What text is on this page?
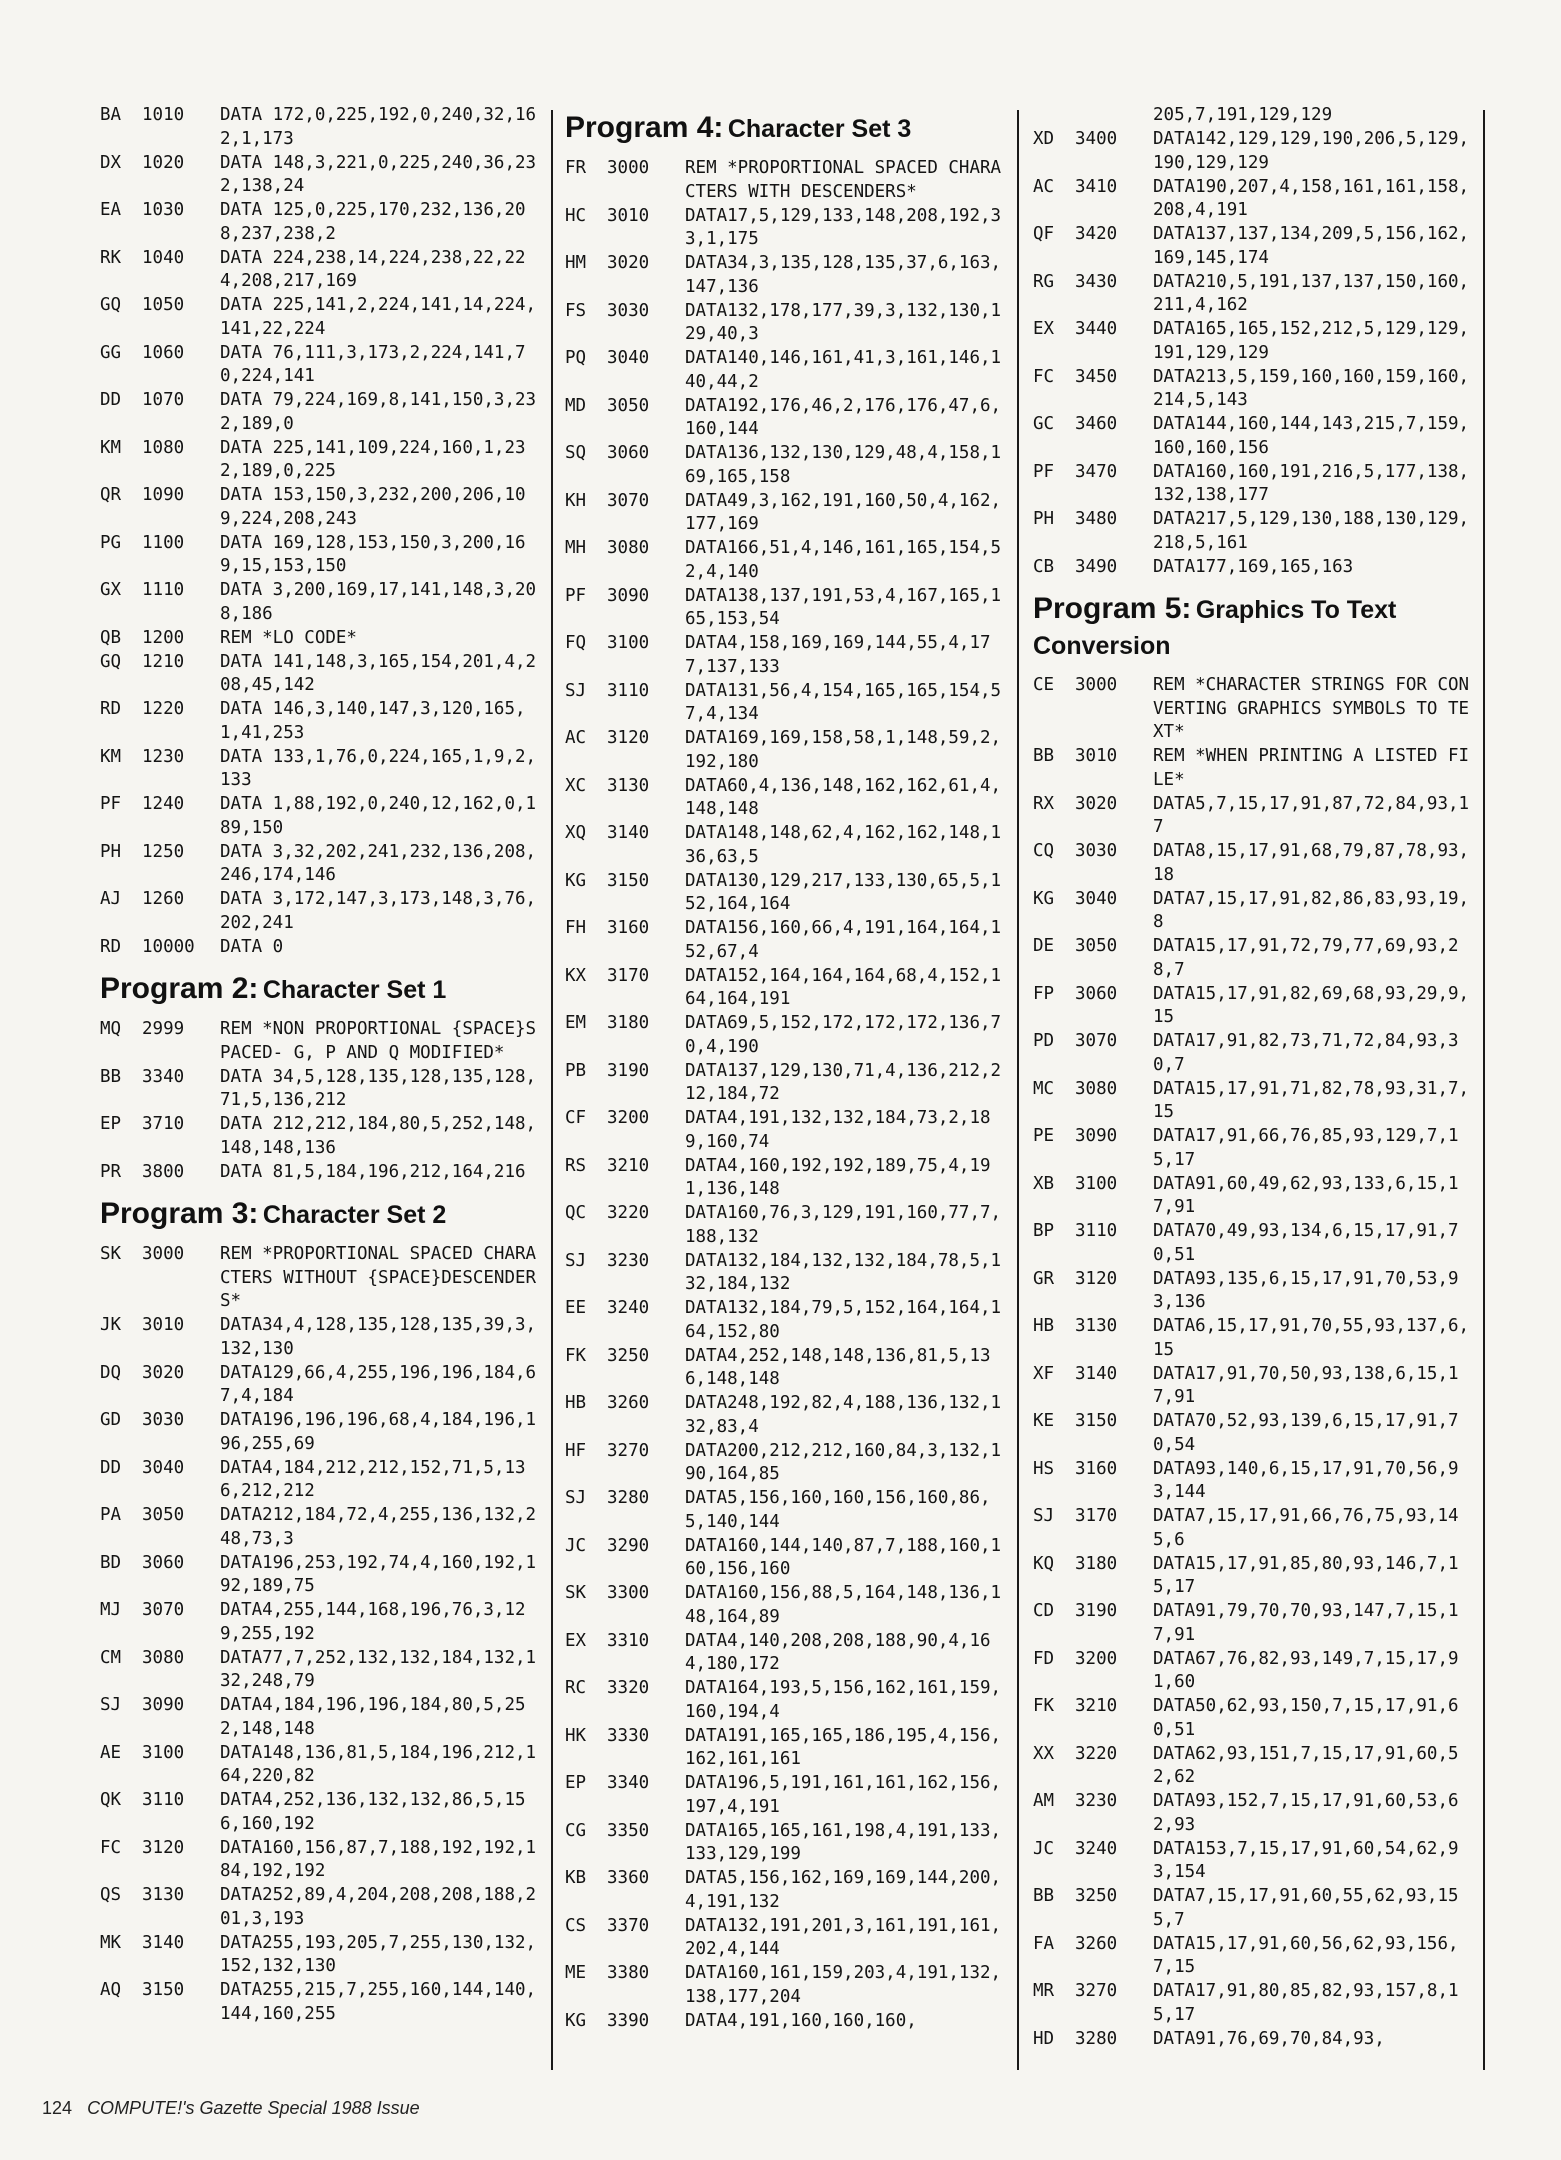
BA	1010	DATA 172,0,225,192,0,240,32,162,1,173
DX	1020	DATA 148,3,221,0,225,240,36,232,138,24
EA	1030	DATA 125,0,225,170,232,136,208,237,238,2
RK	1040	DATA 224,238,14,224,238,22,224,208,217,169
GQ	1050	DATA 225,141,2,224,141,14,224,141,22,224
GG	1060	DATA 76,111,3,173,2,224,141,70,224,141
DD	1070	DATA 79,224,169,8,141,150,3,232,189,0
KM	1080	DATA 225,141,109,224,160,1,232,189,0,225
QR	1090	DATA 153,150,3,232,200,206,109,224,208,243
PG	1100	DATA 169,128,153,150,3,200,169,15,153,150
GX	1110	DATA 3,200,169,17,141,148,3,208,186
QB	1200	REM *LO CODE*
GQ	1210	DATA 141,148,3,165,154,201,4,208,45,142
RD	1220	DATA 146,3,140,147,3,120,165,1,41,253
KM	1230	DATA 133,1,76,0,224,165,1,9,2,133
PF	1240	DATA 1,88,192,0,240,12,162,0,189,150
PH	1250	DATA 3,32,202,241,232,136,208,246,174,146
AJ	1260	DATA 3,172,147,3,173,148,3,76,202,241
RD	10000	DATA 0
Program 2: Character Set 1
MQ	2999	REM *NON PROPORTIONAL {SPACE}SPACED- G, P AND Q MODIFIED*
BB	3340	DATA 34,5,128,135,128,135,128,71,5,136,212
EP	3710	DATA 212,212,184,80,5,252,148,148,148,136
PR	3800	DATA 81,5,184,196,212,164,216
Program 3: Character Set 2
SK	3000	REM *PROPORTIONAL SPACED CHARACTERS WITHOUT {SPACE}DESCENDERS*
JK	3010	DATA34,4,128,135,128,135,39,3,132,130
DQ	3020	DATA129,66,4,255,196,196,184,67,4,184
GD	3030	DATA196,196,196,68,4,184,196,196,255,69
DD	3040	DATA4,184,212,212,152,71,5,136,212,212
PA	3050	DATA212,184,72,4,255,136,132,248,73,3
BD	3060	DATA196,253,192,74,4,160,192,192,189,75
MJ	3070	DATA4,255,144,168,196,76,3,129,255,192
CM	3080	DATA77,7,252,132,132,184,132,132,248,79
SJ	3090	DATA4,184,196,196,184,80,5,252,148,148
AE	3100	DATA148,136,81,5,184,196,212,164,220,82
QK	3110	DATA4,252,136,132,132,86,5,156,160,192
FC	3120	DATA160,156,87,7,188,192,192,184,192,192
QS	3130	DATA252,89,4,204,208,208,188,201,3,193
MK	3140	DATA255,193,205,7,255,130,132,152,132,130
AQ	3150	DATA255,215,7,255,160,144,140,144,160,255
Program 4: Character Set 3
FR	3000	REM *PROPORTIONAL SPACED CHARACTERS WITH DESCENDERS*
HC	3010	DATA17,5,129,133,148,208,192,33,1,175
HM	3020	DATA34,3,135,128,135,37,6,163,147,136
FS	3030	DATA132,178,177,39,3,132,130,129,40,3
PQ	3040	DATA140,146,161,41,3,161,146,140,44,2
MD	3050	DATA192,176,46,2,176,176,47,6,160,144
SQ	3060	DATA136,132,130,129,48,4,158,169,165,158
KH	3070	DATA49,3,162,191,160,50,4,162,177,169
MH	3080	DATA166,51,4,146,161,165,154,52,4,140
PF	3090	DATA138,137,191,53,4,167,165,165,153,54
FQ	3100	DATA4,158,169,169,144,55,4,177,137,133
SJ	3110	DATA131,56,4,154,165,165,154,57,4,134
AC	3120	DATA169,169,158,58,1,148,59,2,192,180
XC	3130	DATA60,4,136,148,162,162,61,4,148,148
XQ	3140	DATA148,148,62,4,162,162,148,136,63,5
KG	3150	DATA130,129,217,133,130,65,5,152,164,164
FH	3160	DATA156,160,66,4,191,164,164,152,67,4
KX	3170	DATA152,164,164,164,68,4,152,164,164,191
EM	3180	DATA69,5,152,172,172,172,136,70,4,190
PB	3190	DATA137,129,130,71,4,136,212,212,184,72
CF	3200	DATA4,191,132,132,184,73,2,189,160,74
RS	3210	DATA4,160,192,192,189,75,4,191,136,148
QC	3220	DATA160,76,3,129,191,160,77,7,188,132
SJ	3230	DATA132,184,132,132,184,78,5,132,184,132
EE	3240	DATA132,184,79,5,152,164,164,164,152,80
FK	3250	DATA4,252,148,148,136,81,5,136,148,148
HB	3260	DATA248,192,82,4,188,136,132,132,83,4
HF	3270	DATA200,212,212,160,84,3,132,190,164,85
SJ	3280	DATA5,156,160,160,156,160,86,5,140,144
JC	3290	DATA160,144,140,87,7,188,160,160,156,160
SK	3300	DATA160,156,88,5,164,148,136,148,164,89
EX	3310	DATA4,140,208,208,188,90,4,164,180,172
RC	3320	DATA164,193,5,156,162,161,159,160,194,4
HK	3330	DATA191,165,165,186,195,4,156,162,161,161
EP	3340	DATA196,5,191,161,161,162,156,197,4,191
CG	3350	DATA165,165,161,198,4,191,133,133,129,199
KB	3360	DATA5,156,162,169,169,144,200,4,191,132
CS	3370	DATA132,191,201,3,161,191,161,202,4,144
ME	3380	DATA160,161,159,203,4,191,132,138,177,204
KG	3390	DATA4,191,160,160,160,
205,7,191,129,129
XD	3400	DATA142,129,129,190,206,5,129,190,129,129
AC	3410	DATA190,207,4,158,161,161,158,208,4,191
QF	3420	DATA137,137,134,209,5,156,162,169,145,174
RG	3430	DATA210,5,191,137,137,150,160,211,4,162
EX	3440	DATA165,165,152,212,5,129,129,191,129,129
FC	3450	DATA213,5,159,160,160,159,160,214,5,143
GC	3460	DATA144,160,144,143,215,7,159,160,160,156
PF	3470	DATA160,160,191,216,5,177,138,132,138,177
PH	3480	DATA217,5,129,130,188,130,129,218,5,161
CB	3490	DATA177,169,165,163
Program 5: Graphics To Text Conversion
CE	3000	REM *CHARACTER STRINGS FOR CONVERTING GRAPHICS SYMBOLS TO TEXT*
BB	3010	REM *WHEN PRINTING A LISTED FILE*
RX	3020	DATA5,7,15,17,91,87,72,84,93,17
CQ	3030	DATA8,15,17,91,68,79,87,78,93,18
KG	3040	DATA7,15,17,91,82,86,83,93,19,8
DE	3050	DATA15,17,91,72,79,77,69,93,28,7
FP	3060	DATA15,17,91,82,69,68,93,29,9,15
PD	3070	DATA17,91,82,73,71,72,84,93,30,7
MC	3080	DATA15,17,91,71,82,78,93,31,7,15
PE	3090	DATA17,91,66,76,85,93,129,7,15,17
XB	3100	DATA91,60,49,62,93,133,6,15,17,91
BP	3110	DATA70,49,93,134,6,15,17,91,70,51
GR	3120	DATA93,135,6,15,17,91,70,53,93,136
HB	3130	DATA6,15,17,91,70,55,93,137,6,15
XF	3140	DATA17,91,70,50,93,138,6,15,17,91
KE	3150	DATA70,52,93,139,6,15,17,91,70,54
HS	3160	DATA93,140,6,15,17,91,70,56,93,144
SJ	3170	DATA7,15,17,91,66,76,75,93,145,6
KQ	3180	DATA15,17,91,85,80,93,146,7,15,17
CD	3190	DATA91,79,70,70,93,147,7,15,17,91
FD	3200	DATA67,76,82,93,149,7,15,17,91,60
FK	3210	DATA50,62,93,150,7,15,17,91,60,51
XX	3220	DATA62,93,151,7,15,17,91,60,52,62
AM	3230	DATA93,152,7,15,17,91,60,53,62,93
JC	3240	DATA153,7,15,17,91,60,54,62,93,154
BB	3250	DATA7,15,17,91,60,55,62,93,155,7
FA	3260	DATA15,17,91,60,56,62,93,156,7,15
MR	3270	DATA17,91,80,85,82,93,157,8,15,17
HD	3280	DATA91,76,69,70,84,93,
124 COMPUTE!'s Gazette Special 1988 Issue
